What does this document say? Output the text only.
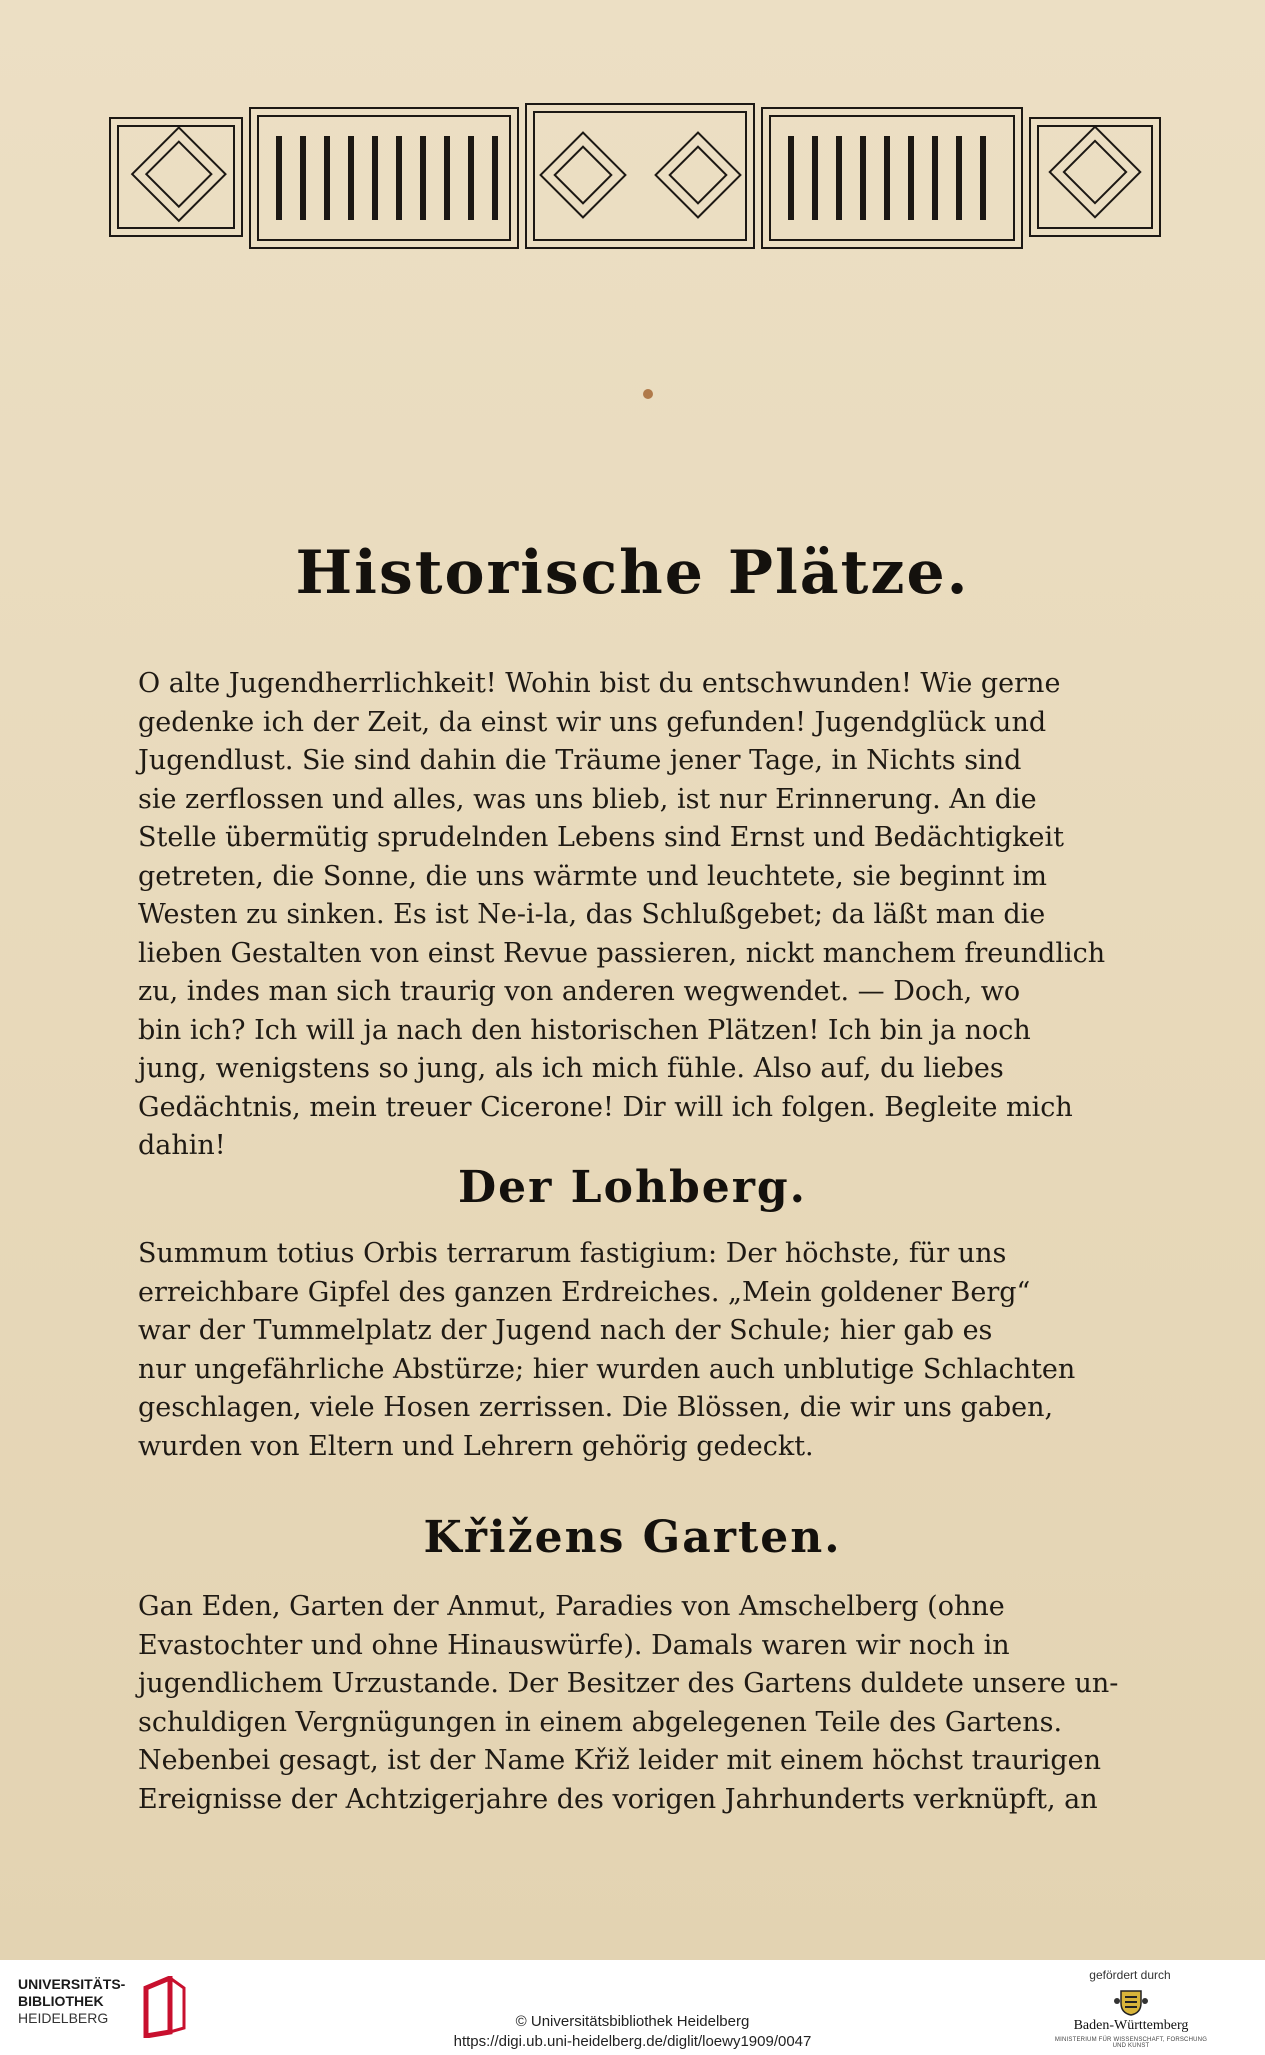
Historische Plätze.
O alte Jugendherrlichkeit! Wohin bist du entschwunden! Wie gerne
gedenke ich der Zeit, da einst wir uns gefunden! Jugendglück und
Jugendlust. Sie sind dahin die Träume jener Tage, in Nichts sind
sie zerflossen und alles, was uns blieb, ist nur Erinnerung. An die
Stelle übermütig sprudelnden Lebens sind Ernst und Bedächtigkeit
getreten, die Sonne, die uns wärmte und leuchtete, sie beginnt im
Westen zu sinken. Es ist Ne-i-la, das Schlußgebet; da läßt man die
lieben Gestalten von einst Revue passieren, nickt manchem freundlich
zu, indes man sich traurig von anderen wegwendet. — Doch, wo
bin ich? Ich will ja nach den historischen Plätzen! Ich bin ja noch
jung, wenigstens so jung, als ich mich fühle. Also auf, du liebes
Gedächtnis, mein treuer Cicerone! Dir will ich folgen. Begleite mich
dahin!
Der Lohberg.
Summum totius Orbis terrarum fastigium: Der höchste, für uns
erreichbare Gipfel des ganzen Erdreiches. „Mein goldener Berg“
war der Tummelplatz der Jugend nach der Schule; hier gab es
nur ungefährliche Abstürze; hier wurden auch unblutige Schlachten
geschlagen, viele Hosen zerrissen. Die Blössen, die wir uns gaben,
wurden von Eltern und Lehrern gehörig gedeckt.
Křižens Garten.
Gan Eden, Garten der Anmut, Paradies von Amschelberg (ohne
Evastochter und ohne Hinauswürfe). Damals waren wir noch in
jugendlichem Urzustande. Der Besitzer des Gartens duldete unsere un-
schuldigen Vergnügungen in einem abgelegenen Teile des Gartens.
Nebenbei gesagt, ist der Name Křiž leider mit einem höchst traurigen
Ereignisse der Achtzigerjahre des vorigen Jahrhunderts verknüpft, an
UNIVERSITÄTS-
BIBLIOTHEK
HEIDELBERG	© Universitätsbibliothek Heidelberg
https://digi.ub.uni-heidelberg.de/diglit/loewy1909/0047
gefördert durch
Baden-Württemberg
MINISTERIUM FÜR WISSENSCHAFT, FORSCHUNG UND KUNST
